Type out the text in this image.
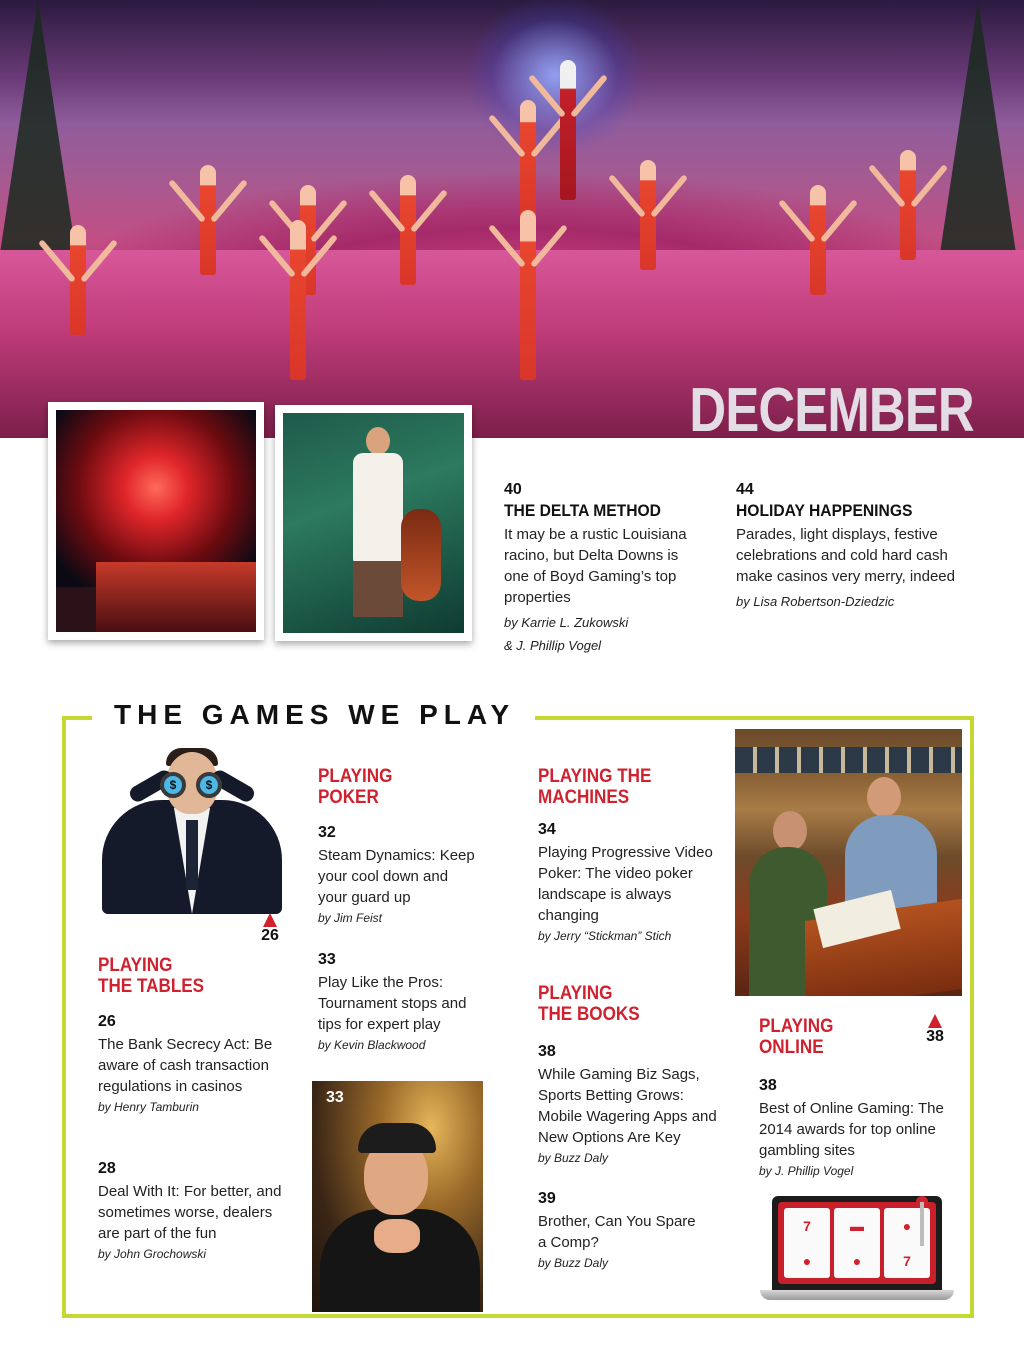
DECEMBER
40
THE DELTA METHOD
It may be a rustic Louisiana racino, but Delta Downs is one of Boyd Gaming’s top properties
by Karrie L. Zukowski
& J. Phillip Vogel
44
HOLIDAY HAPPENINGS
Parades, light displays, festive celebrations and cold hard cash make casinos very merry, indeed
by Lisa Robertson-Dziedzic
THE GAMES WE PLAY
$	$
26
PLAYING
THE TABLES
26
The Bank Secrecy Act: Be aware of cash transaction regulations in casinos
by Henry Tamburin
28
Deal With It: For better, and sometimes worse, dealers are part of the fun
by John Grochowski
PLAYING
POKER
32
Steam Dynamics: Keep your cool down and your guard up
by Jim Feist
33
Play Like the Pros: Tournament stops and tips for expert play
by Kevin Blackwood
33
PLAYING THE
MACHINES
34
Playing Progressive Video Poker: The video poker landscape is always changing
by Jerry “Stickman” Stich
PLAYING
THE BOOKS
38
While Gaming Biz Sags, Sports Betting Grows: Mobile Wagering Apps and New Options Are Key
by Buzz Daly
39
Brother, Can You Spare a Comp?
by Buzz Daly
PLAYING
ONLINE
38
38
Best of Online Gaming: The 2014 awards for top online gambling sites
by J. Phillip Vogel
7
●
▬
●
●
7
